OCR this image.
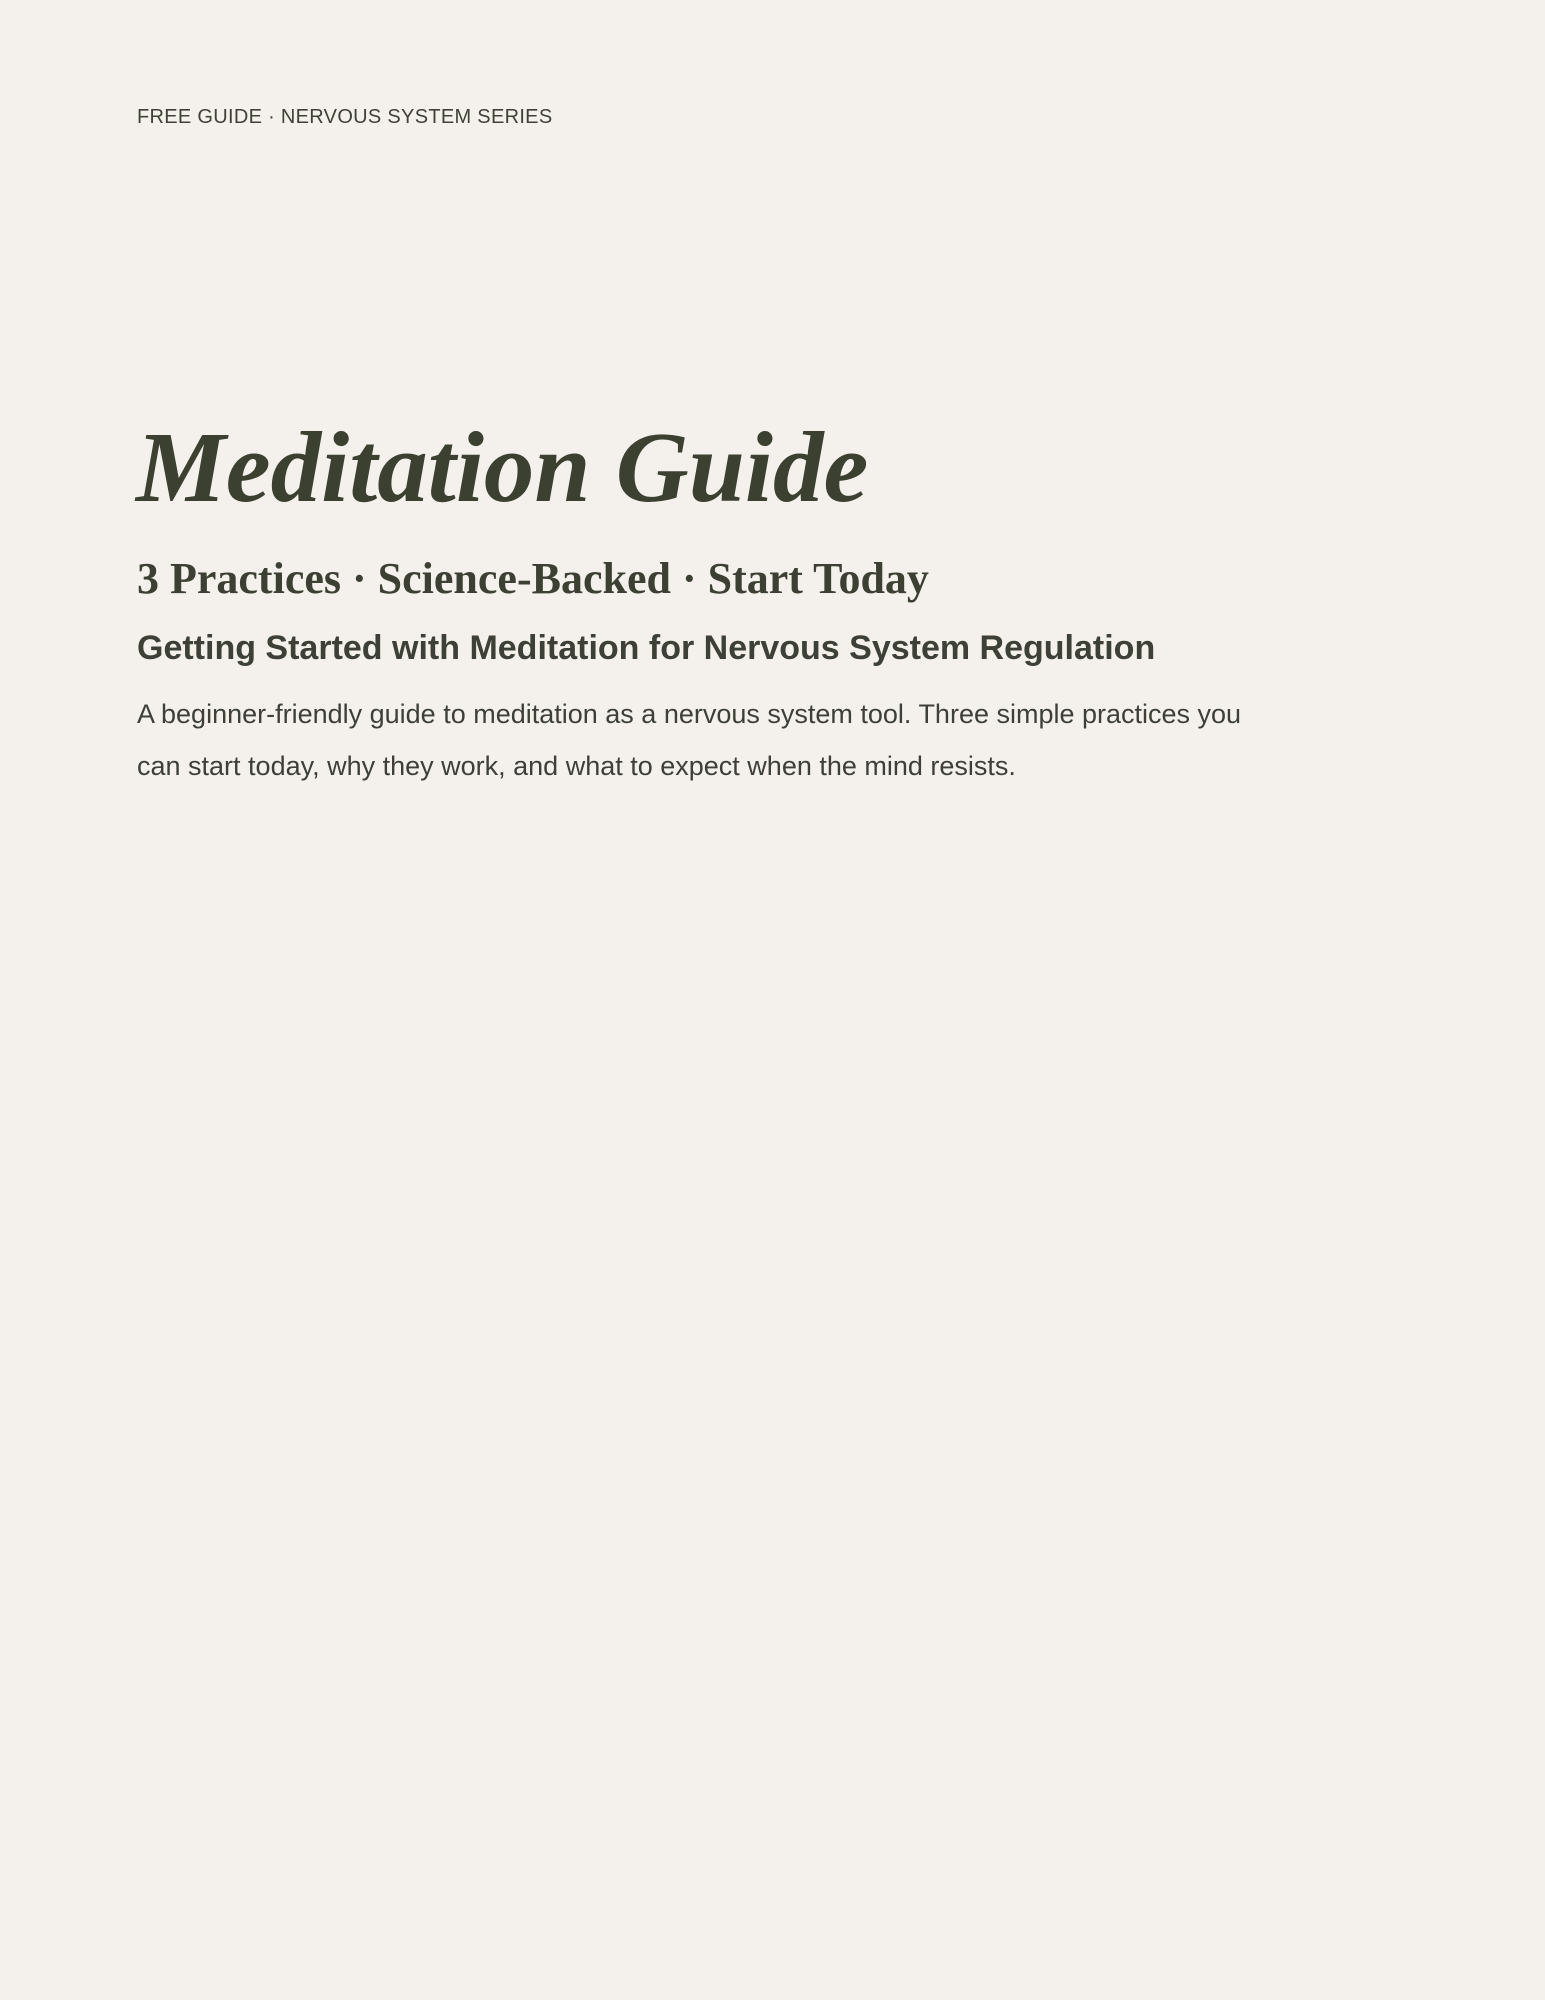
FREE GUIDE · NERVOUS SYSTEM SERIES
Meditation Guide
3 Practices · Science-Backed · Start Today
Getting Started with Meditation for Nervous System Regulation

A beginner-friendly guide to meditation as a nervous system tool. Three simple practices you can start today, why they work, and what to expect when the mind resists.
